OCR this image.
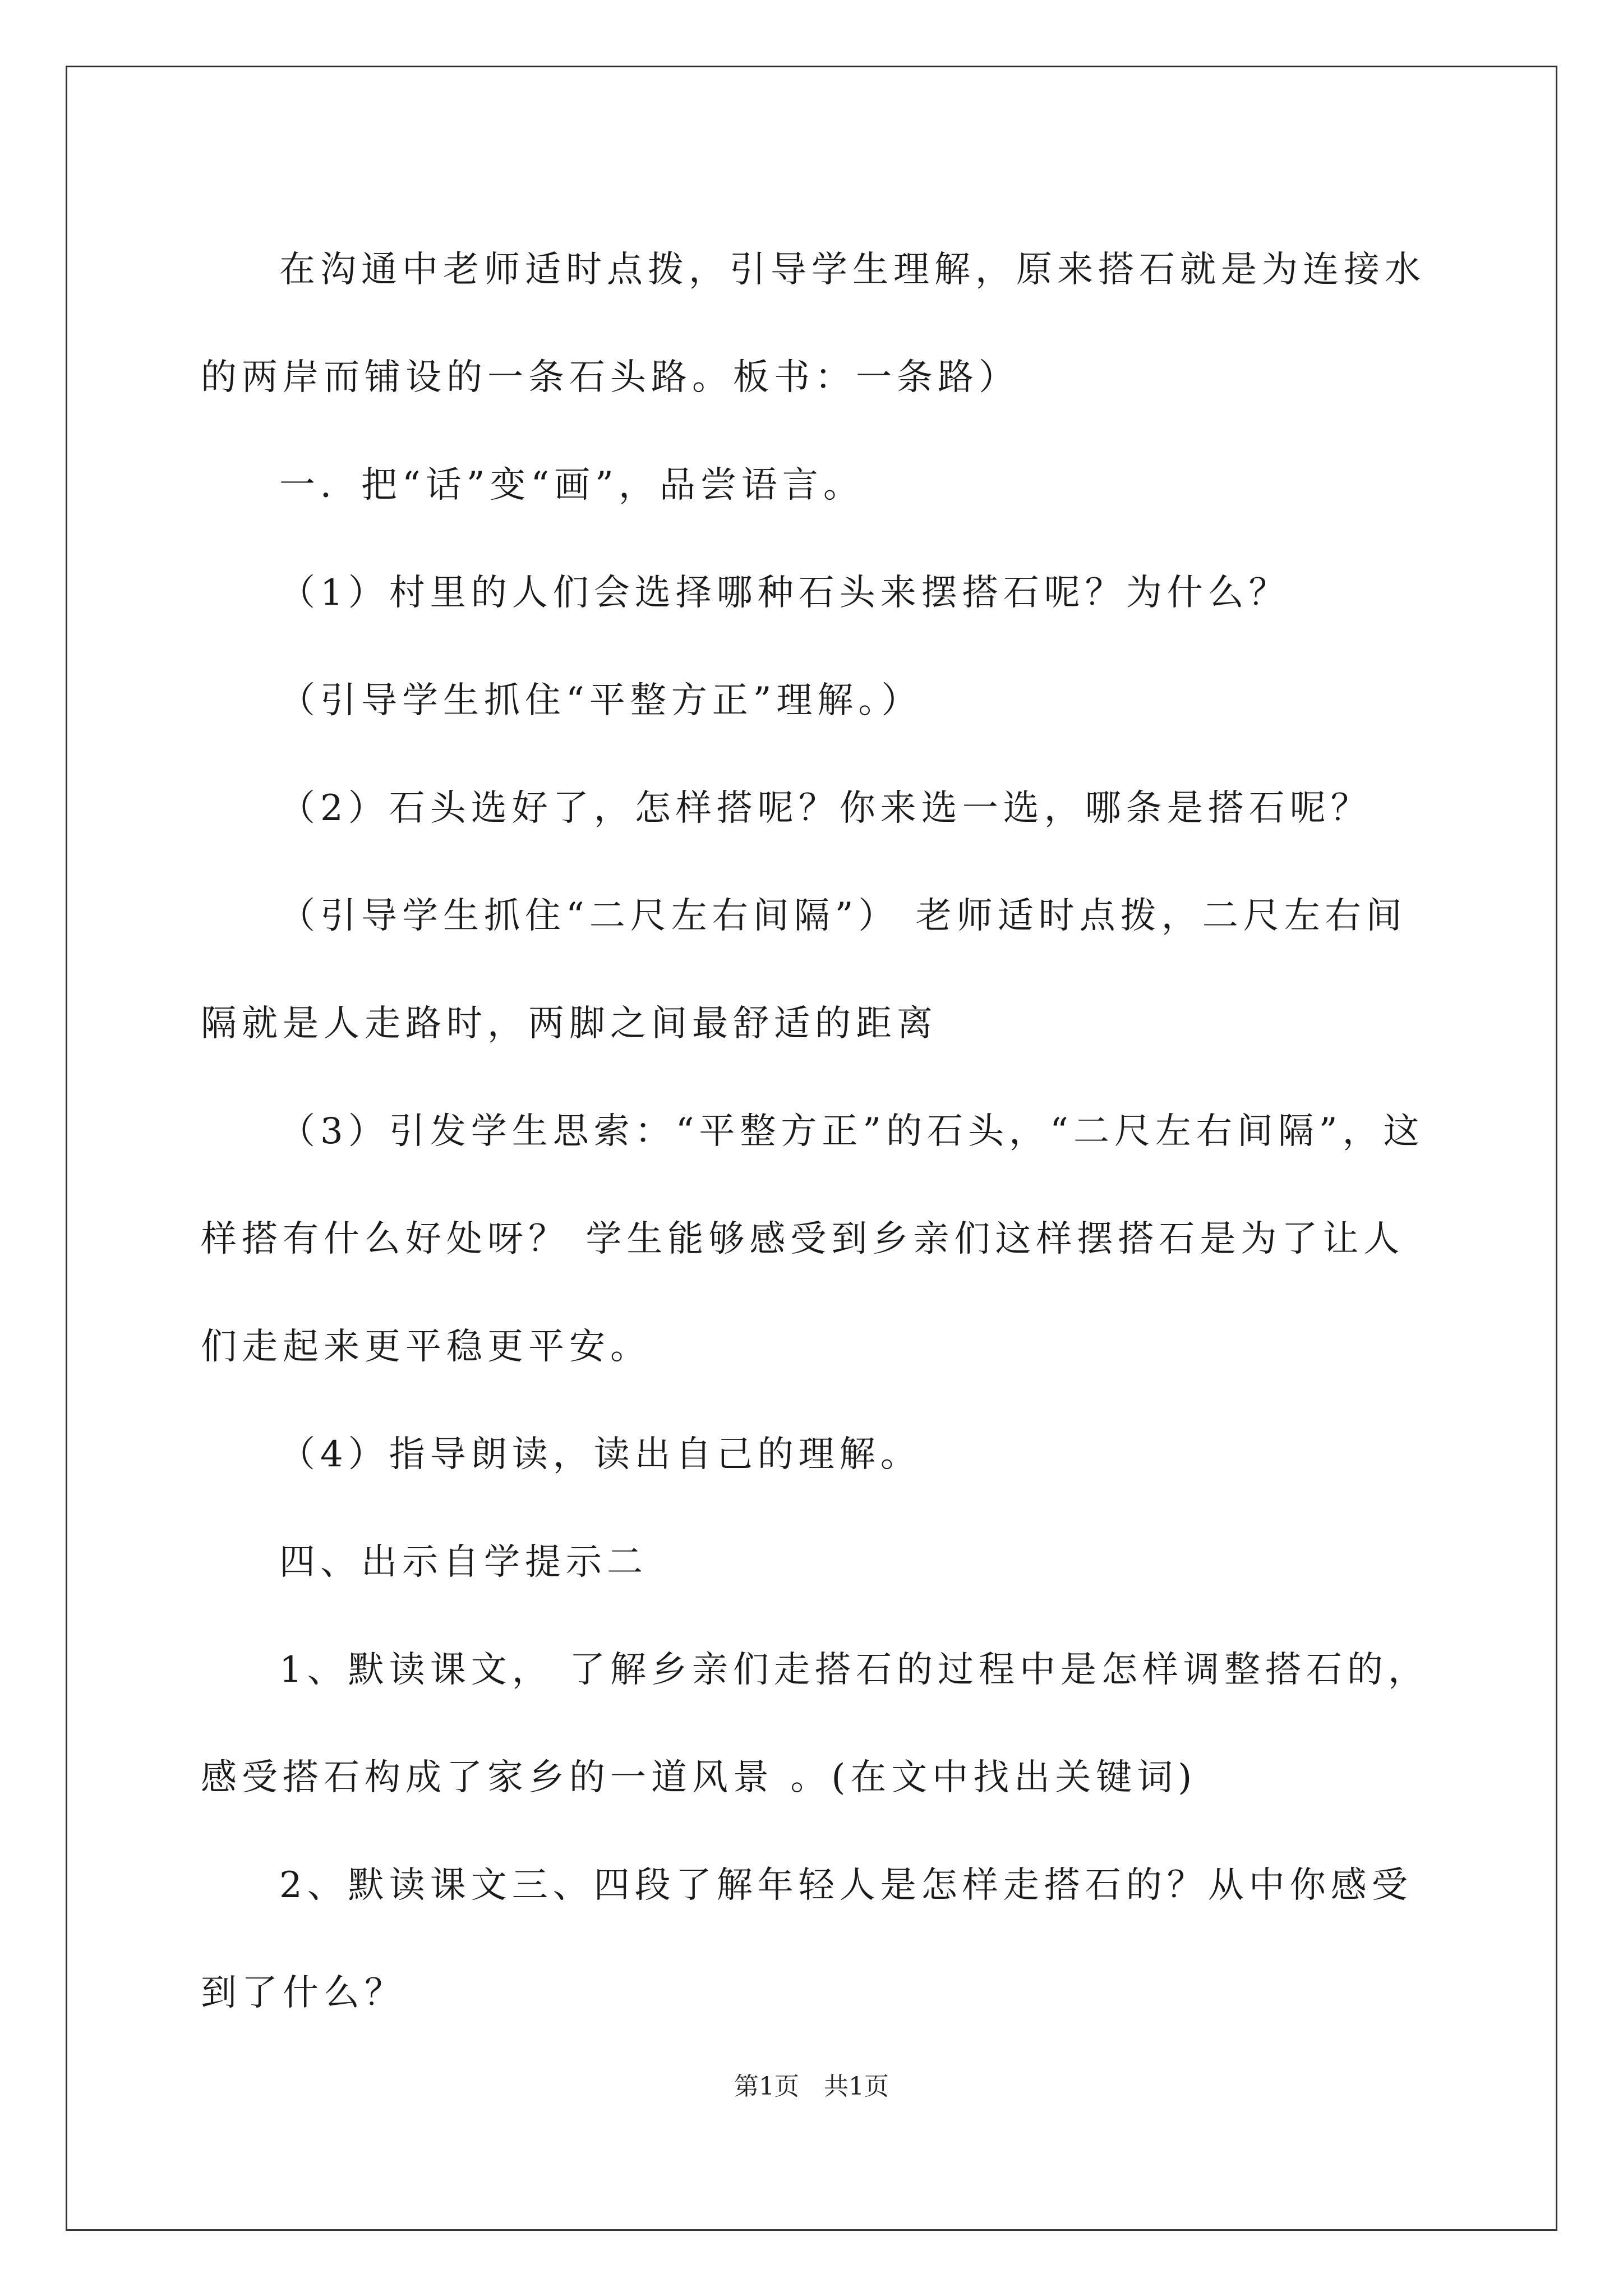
在沟通中老师适时点拨，引导学生理解，原来搭石就是为连接水的两岸而铺设的一条石头路。板书：一条路）

一．把“话”变“画”，品尝语言。

（1）村里的人们会选择哪种石头来摆搭石呢？为什么？

（引导学生抓住“平整方正”理解。）

（2）石头选好了，怎样搭呢？你来选一选，哪条是搭石呢？

（引导学生抓住“二尺左右间隔”） 老师适时点拨，二尺左右间隔就是人走路时，两脚之间最舒适的距离

（3）引发学生思索：“平整方正”的石头，“二尺左右间隔”，这样搭有什么好处呀？ 学生能够感受到乡亲们这样摆搭石是为了让人们走起来更平稳更平安。

（4）指导朗读，读出自己的理解。

四、出示自学提示二

1、默读课文， 了解乡亲们走搭石的过程中是怎样调整搭石的，感受搭石构成了家乡的一道风景 。(在文中找出关键词)

2、默读课文三、四段了解年轻人是怎样走搭石的？从中你感受到了什么？

第1页　共1页
